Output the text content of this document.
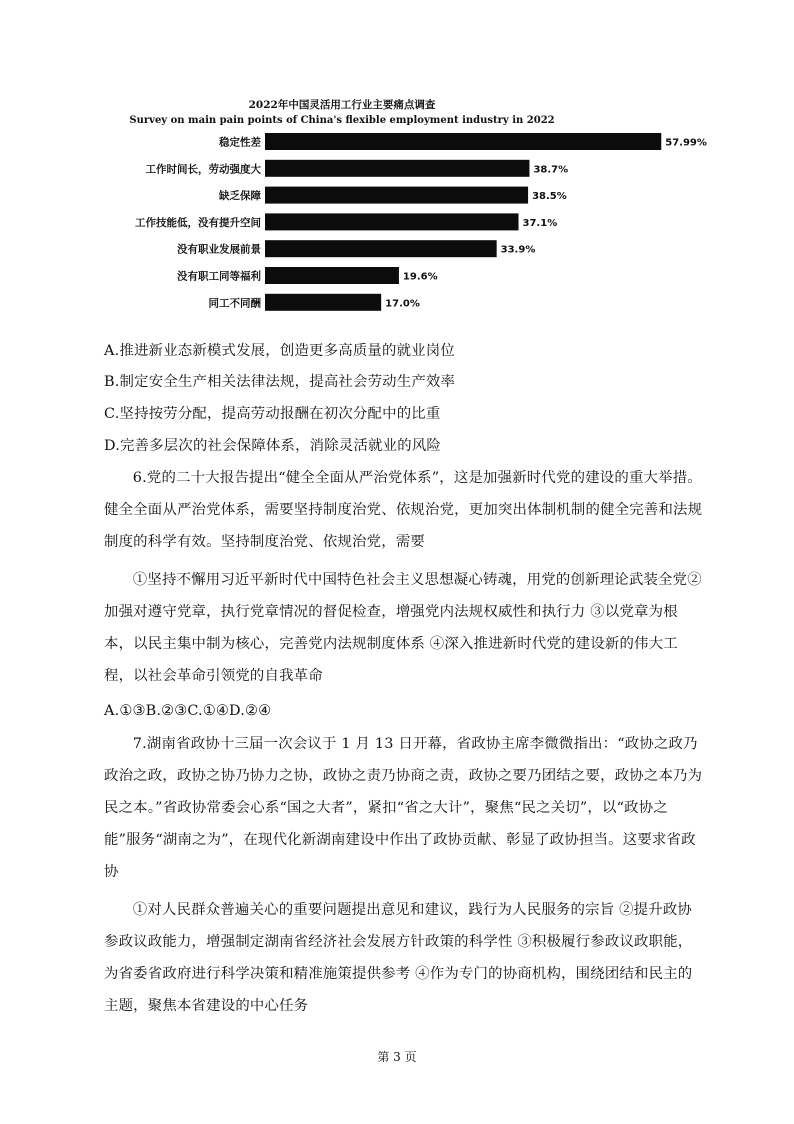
2022年中国灵活用工行业主要痛点调查
Survey on main pain points of China's flexible employment industry in 2022
稳定性差	57.99%
工作时间长，劳动强度大	38.7%
缺乏保障	38.5%
工作技能低，没有提升空间	37.1%
没有职业发展前景	33.9%
没有职工同等福利	19.6%
同工不同酬	17.0%
A.推进新业态新模式发展，创造更多高质量的就业岗位
B.制定安全生产相关法律法规，提高社会劳动生产效率
C.坚持按劳分配，提高劳动报酬在初次分配中的比重
D.完善多层次的社会保障体系，消除灵活就业的风险

6.党的二十大报告提出“健全全面从严治党体系”，这是加强新时代党的建设的重大举措。健全全面从严治党体系，需要坚持制度治党、依规治党，更加突出体制机制的健全完善和法规制度的科学有效。坚持制度治党、依规治党，需要

①坚持不懈用习近平新时代中国特色社会主义思想凝心铸魂，用党的创新理论武装全党②加强对遵守党章，执行党章情况的督促检查，增强党内法规权威性和执行力 ③以党章为根本，以民主集中制为核心，完善党内法规制度体系 ④深入推进新时代党的建设新的伟大工程，以社会革命引领党的自我革命

A.①③B.②③C.①④D.②④

7.湖南省政协十三届一次会议于 1 月 13 日开幕，省政协主席李微微指出：“政协之政乃政治之政，政协之协乃协力之协，政协之责乃协商之责，政协之要乃团结之要，政协之本乃为民之本。”省政协常委会心系“国之大者”，紧扣“省之大计”，聚焦“民之关切”，以“政协之能”服务“湖南之为”，在现代化新湖南建设中作出了政协贡献、彰显了政协担当。这要求省政协

①对人民群众普遍关心的重要问题提出意见和建议，践行为人民服务的宗旨 ②提升政协参政议政能力，增强制定湖南省经济社会发展方针政策的科学性 ③积极履行参政议政职能，为省委省政府进行科学决策和精准施策提供参考 ④作为专门的协商机构，围绕团结和民主的主题，聚焦本省建设的中心任务

第 3 页
